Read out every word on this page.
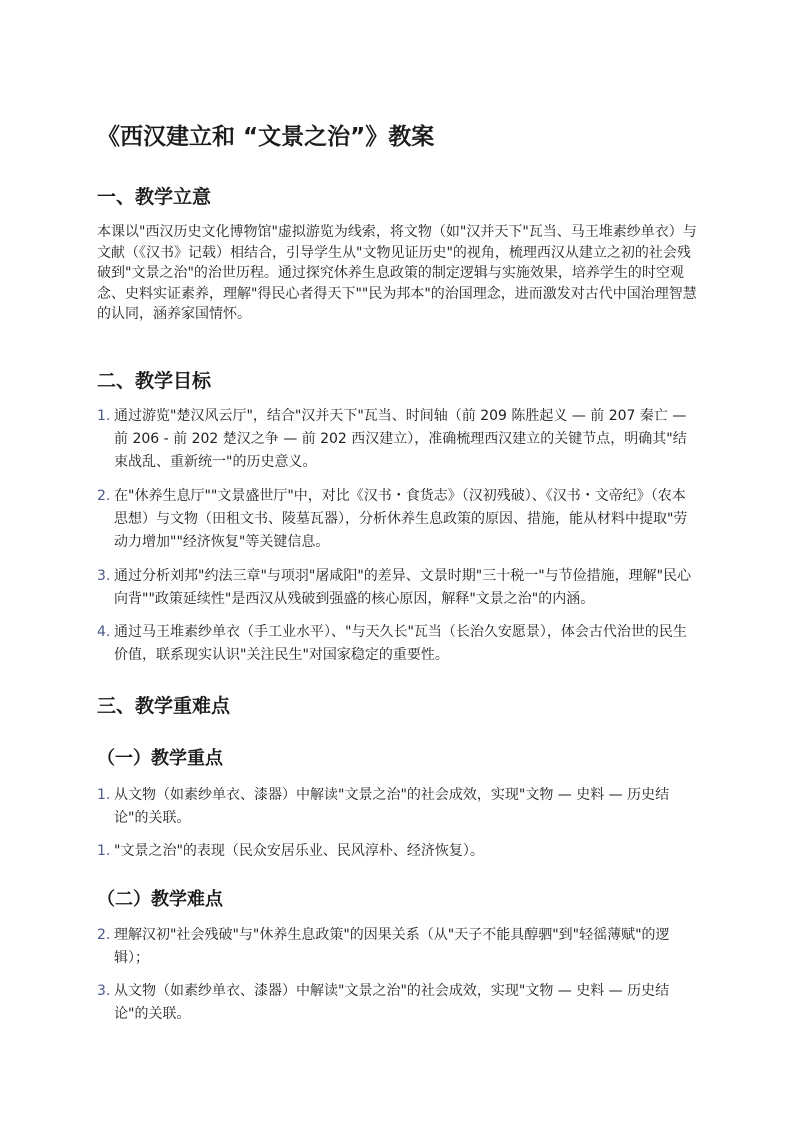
《西汉建立和 “文景之治”》教案
一、教学立意

本课以"西汉历史文化博物馆"虚拟游览为线索，将文物（如"汉并天下"瓦当、马王堆素纱单衣）与文献（《汉书》记载）相结合，引导学生从"文物见证历史"的视角，梳理西汉从建立之初的社会残破到"文景之治"的治世历程。通过探究休养生息政策的制定逻辑与实施效果，培养学生的时空观念、史料实证素养，理解"得民心者得天下""民为邦本"的治国理念，进而激发对古代中国治理智慧的认同，涵养家国情怀。

二、教学目标
1. 通过游览"楚汉风云厅"，结合"汉并天下"瓦当、时间轴（前 209 陈胜起义 — 前 207 秦亡 — 前 206 - 前 202 楚汉之争 — 前 202 西汉建立），准确梳理西汉建立的关键节点，明确其"结束战乱、重新统一"的历史意义。
2. 在"休养生息厅""文景盛世厅"中，对比《汉书・食货志》（汉初残破）、《汉书・文帝纪》（农本思想）与文物（田租文书、陵墓瓦器），分析休养生息政策的原因、措施，能从材料中提取"劳动力增加""经济恢复"等关键信息。
3. 通过分析刘邦"约法三章"与项羽"屠咸阳"的差异、文景时期"三十税一"与节俭措施，理解"民心向背""政策延续性"是西汉从残破到强盛的核心原因，解释"文景之治"的内涵。
4. 通过马王堆素纱单衣（手工业水平）、"与天久长"瓦当（长治久安愿景），体会古代治世的民生价值，联系现实认识"关注民生"对国家稳定的重要性。
三、教学重难点
（一）教学重点
1. 从文物（如素纱单衣、漆器）中解读"文景之治"的社会成效，实现"文物 — 史料 — 历史结论"的关联。
1. "文景之治"的表现（民众安居乐业、民风淳朴、经济恢复）。
（二）教学难点
2. 理解汉初"社会残破"与"休养生息政策"的因果关系（从"天子不能具醇驷"到"轻徭薄赋"的逻辑）；
3. 从文物（如素纱单衣、漆器）中解读"文景之治"的社会成效，实现"文物 — 史料 — 历史结论"的关联。
